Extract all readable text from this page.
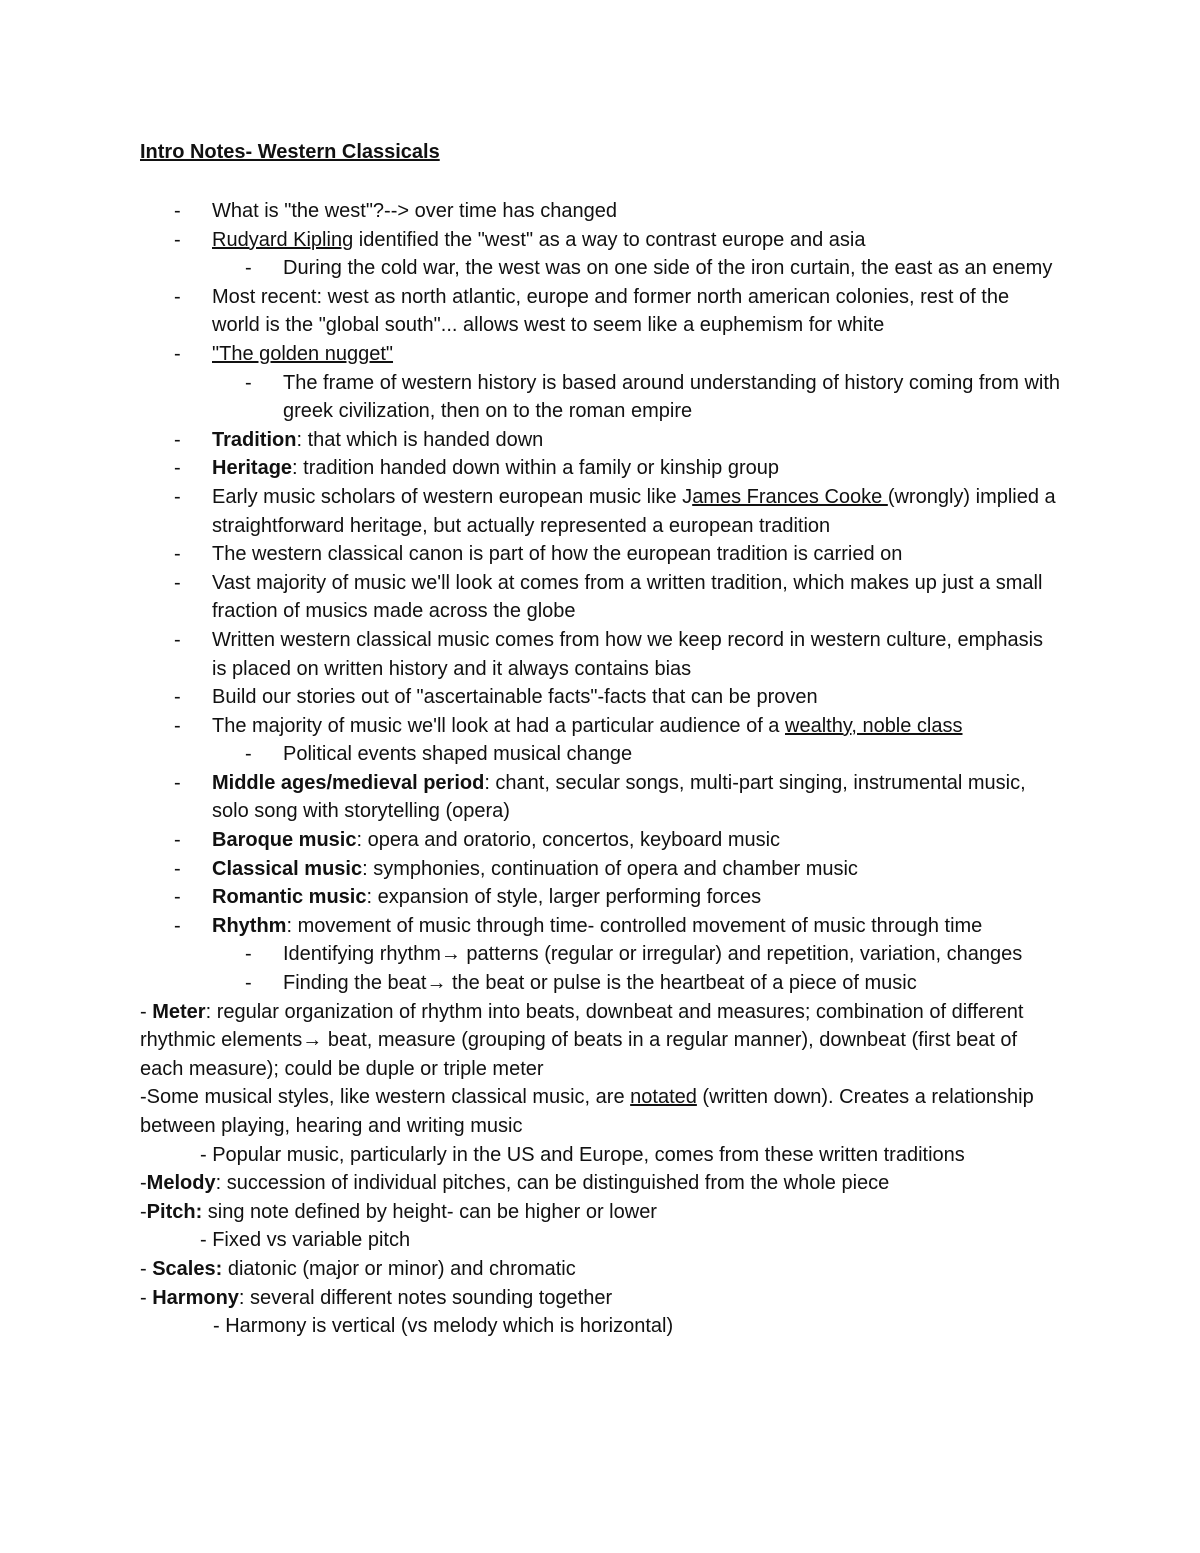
Intro Notes- Western Classicals
- What is "the west"?--> over time has changed
- Rudyard Kipling identified the "west" as a way to contrast europe and asia
- During the cold war, the west was on one side of the iron curtain, the east as an enemy
- Most recent: west as north atlantic, europe and former north american colonies, rest of the world is the "global south"... allows west to seem like a euphemism for white
- "The golden nugget"
- The frame of western history is based around understanding of history coming from with greek civilization, then on to the roman empire
- Tradition: that which is handed down
- Heritage: tradition handed down within a family or kinship group
- Early music scholars of western european music like James Frances Cooke (wrongly) implied a straightforward heritage, but actually represented a european tradition
- The western classical canon is part of how the european tradition is carried on
- Vast majority of music we'll look at comes from a written tradition, which makes up just a small fraction of musics made across the globe
- Written western classical music comes from how we keep record in western culture, emphasis is placed on written history and it always contains bias
- Build our stories out of "ascertainable facts"-facts that can be proven
- The majority of music we'll look at had a particular audience of a wealthy, noble class
- Political events shaped musical change
- Middle ages/medieval period: chant, secular songs, multi-part singing, instrumental music, solo song with storytelling (opera)
- Baroque music: opera and oratorio, concertos, keyboard music
- Classical music: symphonies, continuation of opera and chamber music
- Romantic music: expansion of style, larger performing forces
- Rhythm: movement of music through time- controlled movement of music through time
- Identifying rhythm→ patterns (regular or irregular) and repetition, variation, changes
- Finding the beat→ the beat or pulse is the heartbeat of a piece of music
- Meter: regular organization of rhythm into beats, downbeat and measures; combination of different rhythmic elements→ beat, measure (grouping of beats in a regular manner), downbeat (first beat of each measure); could be duple or triple meter
-Some musical styles, like western classical music, are notated (written down). Creates a relationship between playing, hearing and writing music
- Popular music, particularly in the US and Europe, comes from these written traditions
-Melody: succession of individual pitches, can be distinguished from the whole piece
-Pitch: sing note defined by height- can be higher or lower
- Fixed vs variable pitch
- Scales: diatonic (major or minor) and chromatic
- Harmony: several different notes sounding together
- Harmony is vertical (vs melody which is horizontal)
